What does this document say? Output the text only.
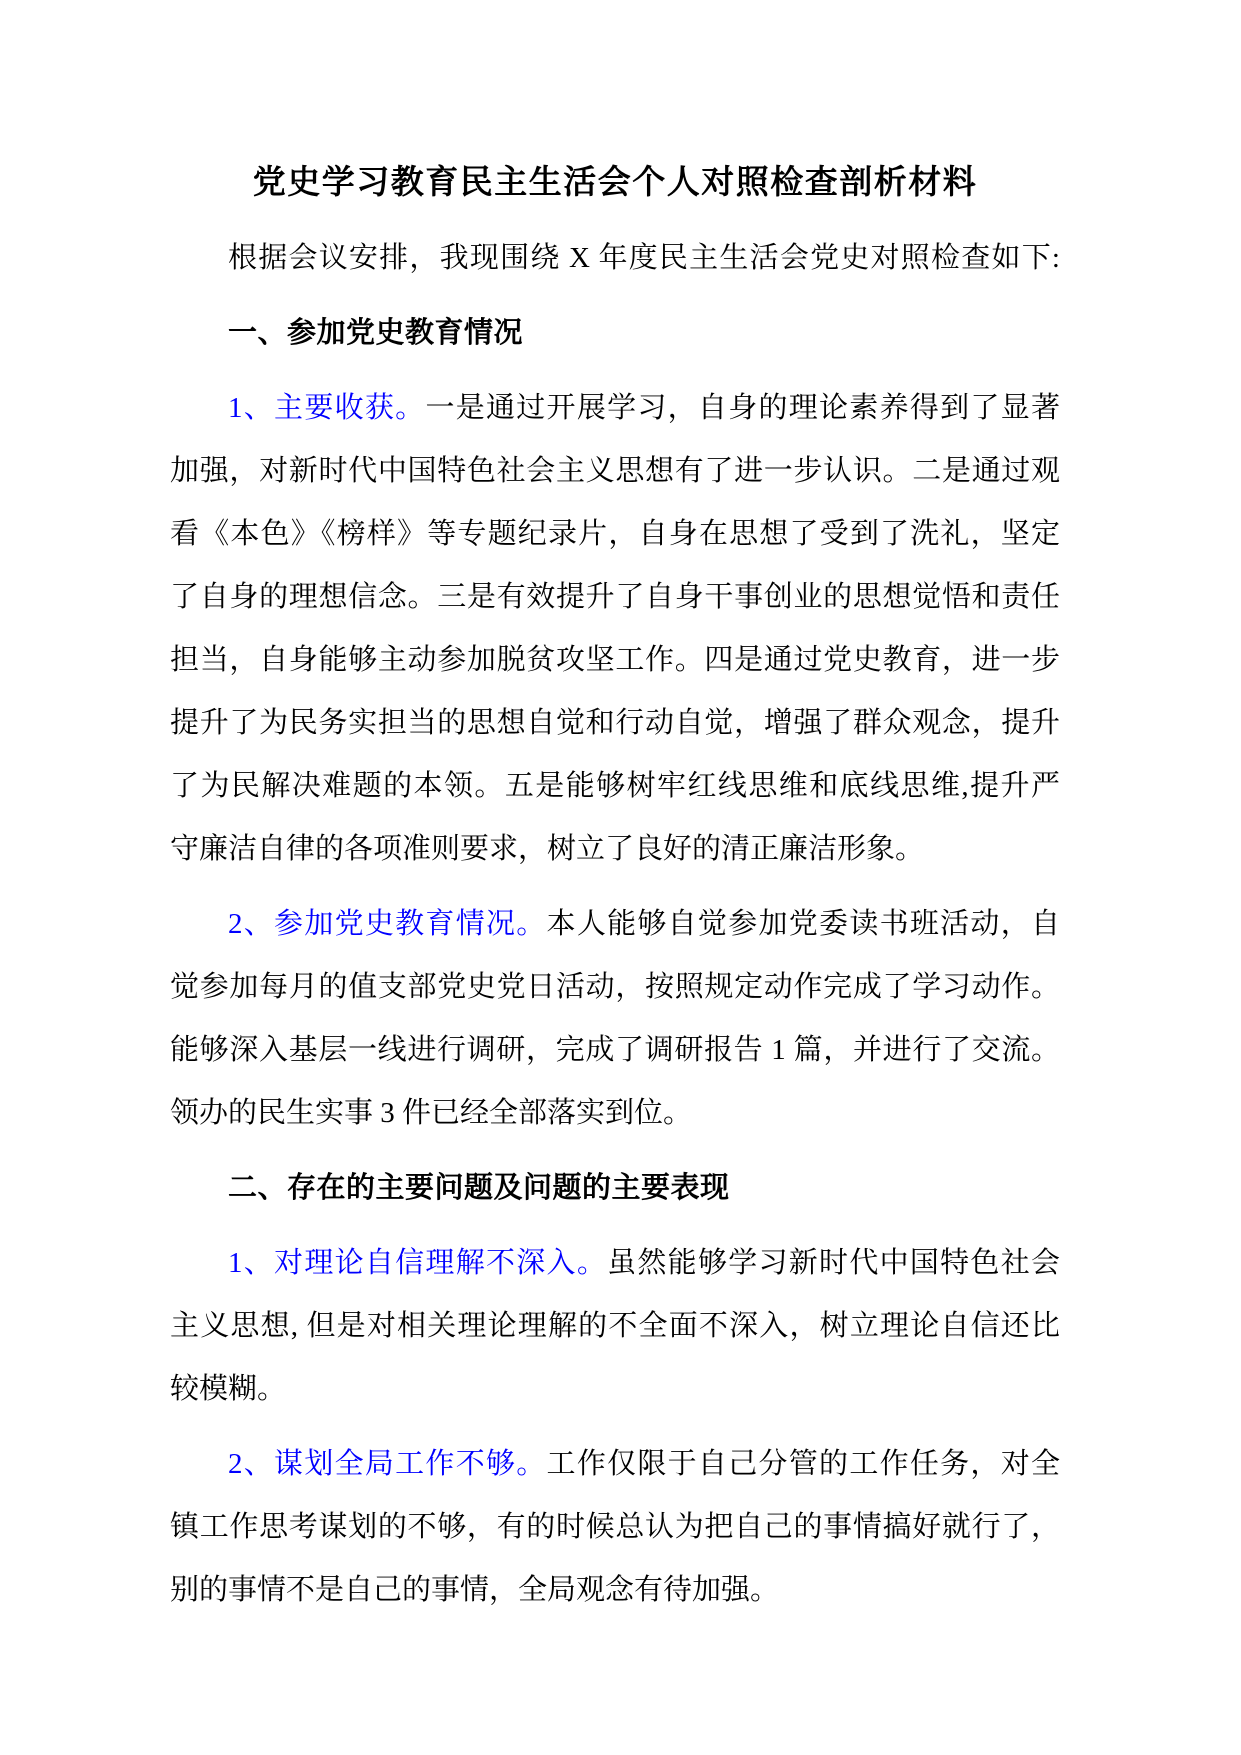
党史学习教育民主生活会个人对照检查剖析材料
根据会议安排，我现围绕 X 年度民主生活会党史对照检查如下:
一、参加党史教育情况
1、主要收获。一是通过开展学习，自身的理论素养得到了显著
加强，对新时代中国特色社会主义思想有了进一步认识。二是通过观
看《本色》《榜样》等专题纪录片，自身在思想了受到了洗礼，坚定
了自身的理想信念。三是有效提升了自身干事创业的思想觉悟和责任
担当，自身能够主动参加脱贫攻坚工作。四是通过党史教育，进一步
提升了为民务实担当的思想自觉和行动自觉，增强了群众观念，提升
了为民解决难题的本领。五是能够树牢红线思维和底线思维,提升严
守廉洁自律的各项准则要求，树立了良好的清正廉洁形象。
2、参加党史教育情况。本人能够自觉参加党委读书班活动，自
觉参加每月的值支部党史党日活动，按照规定动作完成了学习动作。
能够深入基层一线进行调研，完成了调研报告 1 篇，并进行了交流。
领办的民生实事 3 件已经全部落实到位。
二、存在的主要问题及问题的主要表现
1、对理论自信理解不深入。虽然能够学习新时代中国特色社会
主义思想, 但是对相关理论理解的不全面不深入，树立理论自信还比
较模糊。
2、谋划全局工作不够。工作仅限于自己分管的工作任务，对全
镇工作思考谋划的不够，有的时候总认为把自己的事情搞好就行了，
别的事情不是自己的事情，全局观念有待加强。
